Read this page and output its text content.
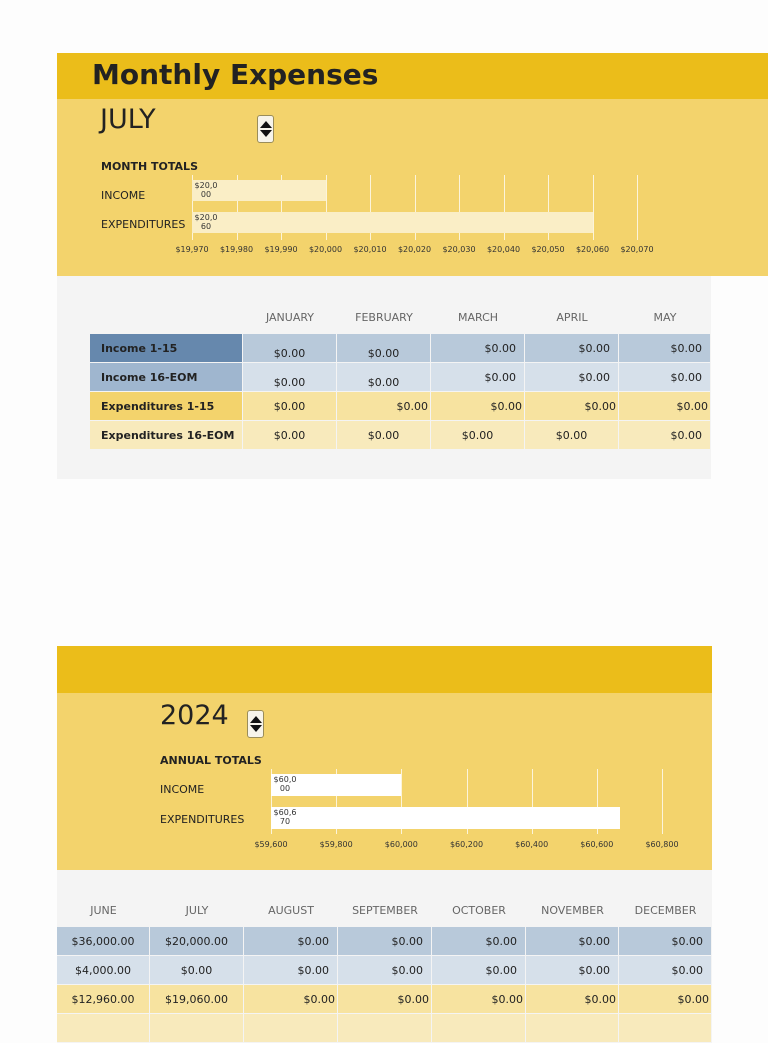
Monthly Expenses
JULY
MONTH TOTALS
INCOME
EXPENDITURES
$19,970 $19,980 $19,990 $20,000 $20,010 $20,020 $20,030 $20,040 $20,050 $20,060 $20,070
$20,0
00
$20,0
60
	JANUARY	FEBRUARY	MARCH	APRIL	MAY
Income 1-15	$0.00	$0.00	$0.00	$0.00	$0.00
Income 16-EOM	$0.00	$0.00	$0.00	$0.00	$0.00
Expenditures 1-15	$0.00	$0.00	$0.00	$0.00	$0.00
Expenditures 16-EOM	$0.00	$0.00	$0.00	$0.00	$0.00
2024
ANNUAL TOTALS
INCOME
EXPENDITURES
$59,600	$59,800	$60,000	$60,200	$60,400	$60,600	$60,800
$60,0
00
$60,6
70
JUNE	JULY	AUGUST	SEPTEMBER	OCTOBER	NOVEMBER	DECEMBER
$36,000.00	$20,000.00	$0.00	$0.00	$0.00	$0.00	$0.00
$4,000.00	$0.00	$0.00	$0.00	$0.00	$0.00	$0.00
$12,960.00	$19,060.00	$0.00	$0.00	$0.00	$0.00	$0.00
